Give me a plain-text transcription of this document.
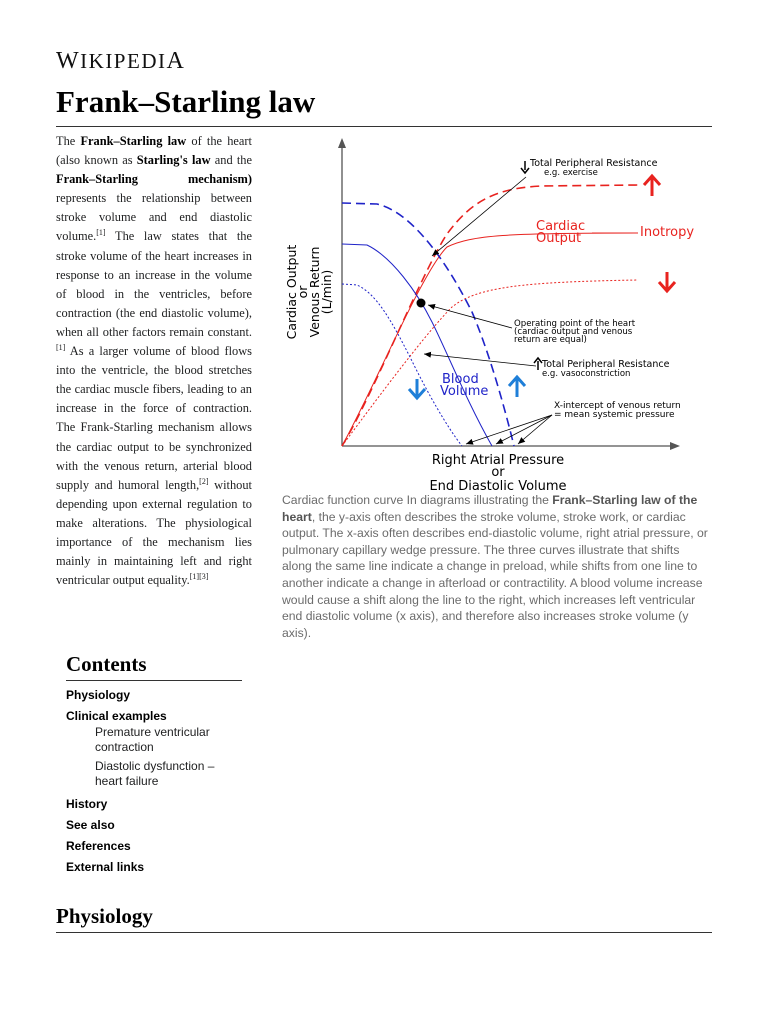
WIKIPEDIA
Frank–Starling law

The Frank–Starling law of the heart (also known as Starling's law and the Frank–Starling mechanism) represents the relationship between stroke volume and end diastolic volume.[1] The law states that the stroke volume of the heart increases in response to an increase in the volume of blood in the ventricles, before contraction (the end diastolic volume), when all other factors remain constant.[1] As a larger volume of blood flows into the ventricle, the blood stretches the cardiac muscle fibers, leading to an increase in the force of contraction. The Frank-Starling mechanism allows the cardiac output to be synchronized with the venous return, arterial blood supply and humoral length,[2] without depending upon external regulation to make alterations. The physiological importance of the mechanism lies mainly in maintaining left and right ventricular output equality.[1][3]

Cardiac Output
or
Venous Return
(L/min)
Right Atrial Pressure
or
End Diastolic Volume
Total Peripheral Resistance
e.g. exercise
Cardiac
Output	Inotropy
Operating point of the heart
(cardiac output and venous
return are equal)
Total Peripheral Resistance
e.g. vasoconstriction
Blood
Volume
X-intercept of venous return
= mean systemic pressure

Cardiac function curve In diagrams illustrating the Frank–Starling law of the heart, the y-axis often describes the stroke volume, stroke work, or cardiac output. The x-axis often describes end-diastolic volume, right atrial pressure, or pulmonary capillary wedge pressure. The three curves illustrate that shifts along the same line indicate a change in preload, while shifts from one line to another indicate a change in afterload or contractility. A blood volume increase would cause a shift along the line to the right, which increases left ventricular end diastolic volume (x axis), and therefore also increases stroke volume (y axis).

Contents
Physiology
Clinical examples
Premature ventricular contraction
Diastolic dysfunction – heart failure
History
See also
References
External links
Physiology
